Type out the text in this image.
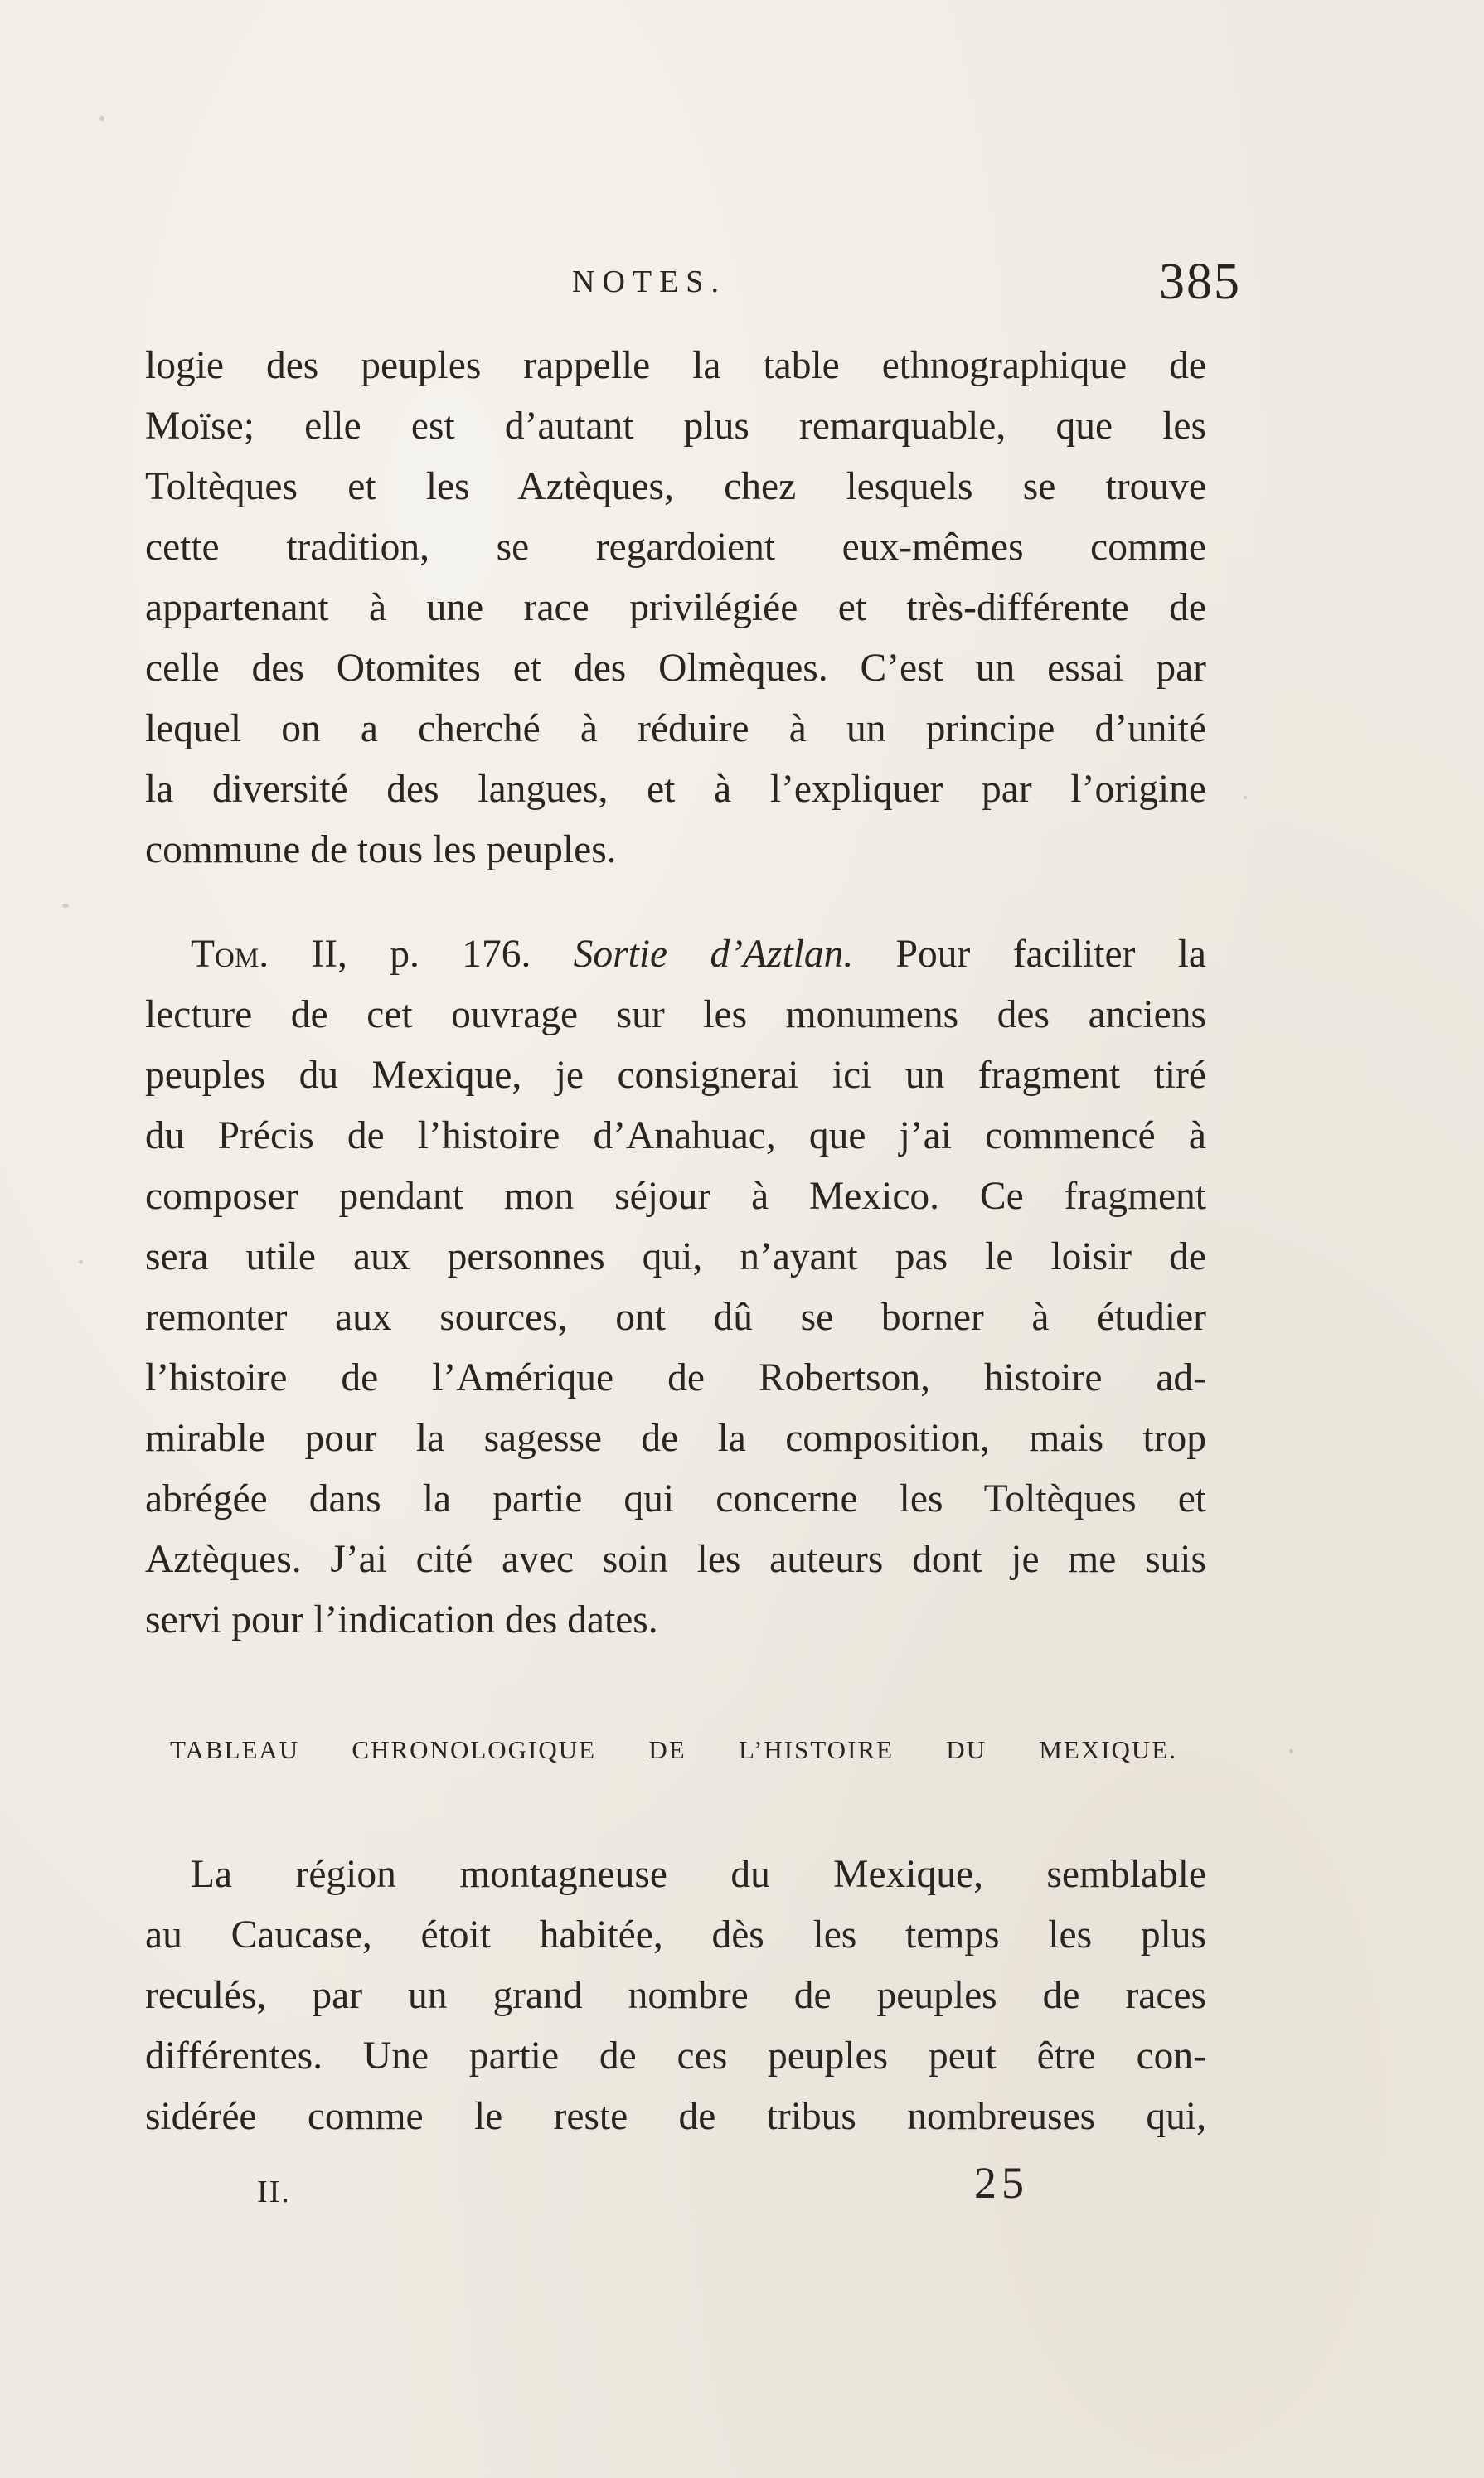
NOTES.	385
logie des peuples rappelle la table ethnographique de
Moïse; elle est d’autant plus remarquable, que les
Toltèques et les Aztèques, chez lesquels se trouve
cette tradition, se regardoient eux-mêmes comme
appartenant à une race privilégiée et très-différente de
celle des Otomites et des Olmèques. C’est un essai par
lequel on a cherché à réduire à un principe d’unité
la diversité des langues, et à l’expliquer par l’origine
commune de tous les peuples.
Tom. II, p. 176. Sortie d’Aztlan. Pour faciliter la
lecture de cet ouvrage sur les monumens des anciens
peuples du Mexique, je consignerai ici un fragment tiré
du Précis de l’histoire d’Anahuac, que j’ai commencé à
composer pendant mon séjour à Mexico. Ce fragment
sera utile aux personnes qui, n’ayant pas le loisir de
remonter aux sources, ont dû se borner à étudier
l’histoire de l’Amérique de Robertson, histoire ad-
mirable pour la sagesse de la composition, mais trop
abrégée dans la partie qui concerne les Toltèques et
Aztèques. J’ai cité avec soin les auteurs dont je me suis
servi pour l’indication des dates.
TABLEAU CHRONOLOGIQUE DE L’HISTOIRE DU MEXIQUE.
La région montagneuse du Mexique, semblable
au Caucase, étoit habitée, dès les temps les plus
reculés, par un grand nombre de peuples de races
différentes. Une partie de ces peuples peut être con-
sidérée comme le reste de tribus nombreuses qui,
II.	25
